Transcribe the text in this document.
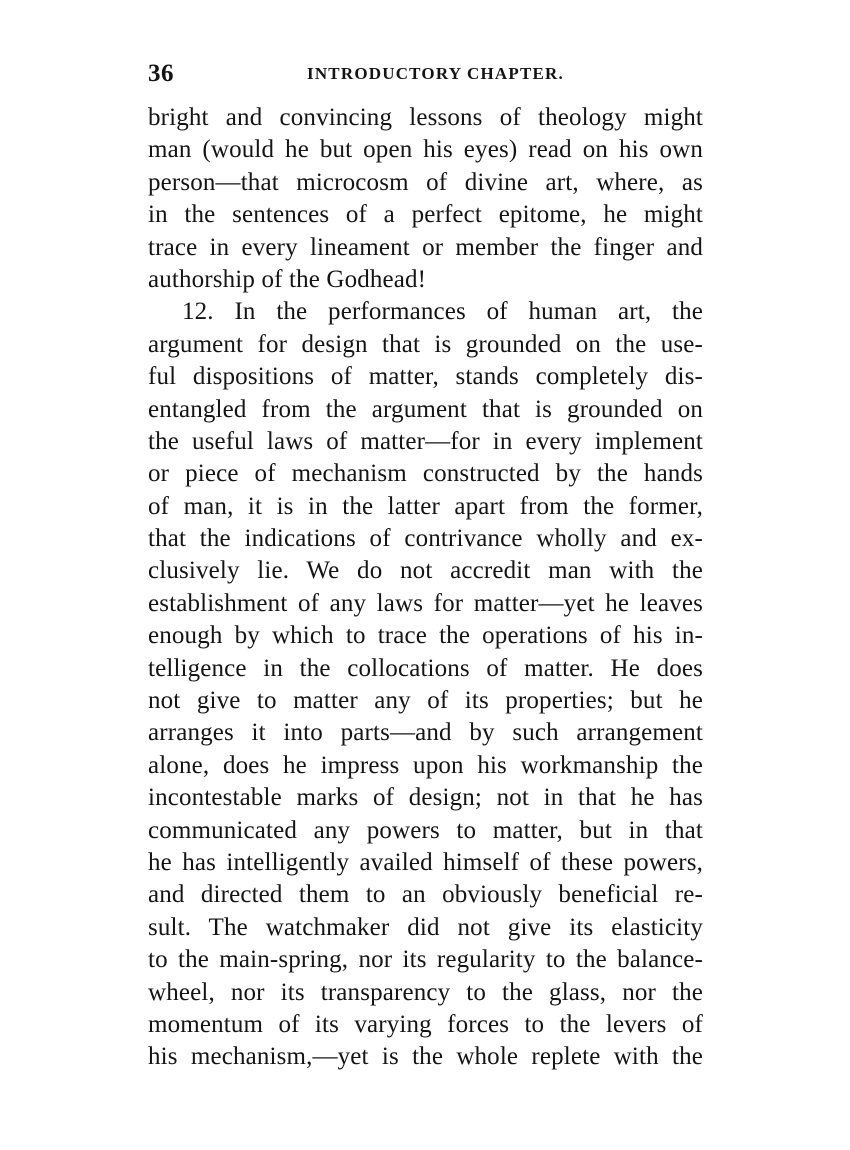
36	INTRODUCTORY CHAPTER.
bright and convincing lessons of theology might
man (would he but open his eyes) read on his own
person—that microcosm of divine art, where, as
in the sentences of a perfect epitome, he might
trace in every lineament or member the finger and
authorship of the Godhead!
12. In the performances of human art, the
argument for design that is grounded on the use-
ful dispositions of matter, stands completely dis-
entangled from the argument that is grounded on
the useful laws of matter—for in every implement
or piece of mechanism constructed by the hands
of man, it is in the latter apart from the former,
that the indications of contrivance wholly and ex-
clusively lie. We do not accredit man with the
establishment of any laws for matter—yet he leaves
enough by which to trace the operations of his in-
telligence in the collocations of matter. He does
not give to matter any of its properties; but he
arranges it into parts—and by such arrangement
alone, does he impress upon his workmanship the
incontestable marks of design; not in that he has
communicated any powers to matter, but in that
he has intelligently availed himself of these powers,
and directed them to an obviously beneficial re-
sult. The watchmaker did not give its elasticity
to the main-spring, nor its regularity to the balance-
wheel, nor its transparency to the glass, nor the
momentum of its varying forces to the levers of
his mechanism,—yet is the whole replete with the
